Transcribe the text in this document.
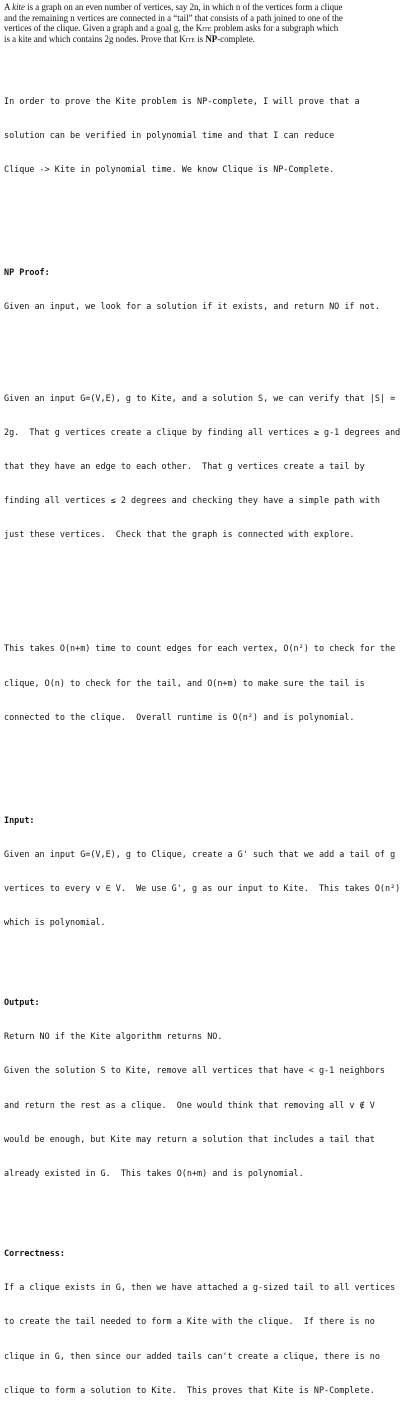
A kite is a graph on an even number of vertices, say 2n, in which n of the vertices form a clique
and the remaining n vertices are connected in a “tail” that consists of a path joined to one of the
vertices of the clique. Given a graph and a goal g, the Kite problem asks for a subgraph which
is a kite and which contains 2g nodes. Prove that Kite is NP-complete.

In order to prove the Kite problem is NP-complete, I will prove that a

solution can be verified in polynomial time and that I can reduce

Clique -> Kite in polynomial time. We know Clique is NP-Complete.

NP Proof:

Given an input, we look for a solution if it exists, and return NO if not.

Given an input G=(V,E), g to Kite, and a solution S, we can verify that |S| =

2g.  That g vertices create a clique by finding all vertices ≥ g-1 degrees and

that they have an edge to each other.  That g vertices create a tail by

finding all vertices ≤ 2 degrees and checking they have a simple path with

just these vertices.  Check that the graph is connected with explore.

This takes O(n+m) time to count edges for each vertex, O(n²) to check for the

clique, O(n) to check for the tail, and O(n+m) to make sure the tail is

connected to the clique.  Overall runtime is O(n²) and is polynomial.

Input:

Given an input G=(V,E), g to Clique, create a G' such that we add a tail of g

vertices to every v ∈ V.  We use G', g as our input to Kite.  This takes O(n²)

which is polynomial.

Output:

Return NO if the Kite algorithm returns NO.

Given the solution S to Kite, remove all vertices that have < g-1 neighbors

and return the rest as a clique.  One would think that removing all v ∉ V

would be enough, but Kite may return a solution that includes a tail that

already existed in G.  This takes O(n+m) and is polynomial.

Correctness:

If a clique exists in G, then we have attached a g-sized tail to all vertices

to create the tail needed to form a Kite with the clique.  If there is no

clique in G, then since our added tails can't create a clique, there is no

clique to form a solution to Kite.  This proves that Kite is NP-Complete.
